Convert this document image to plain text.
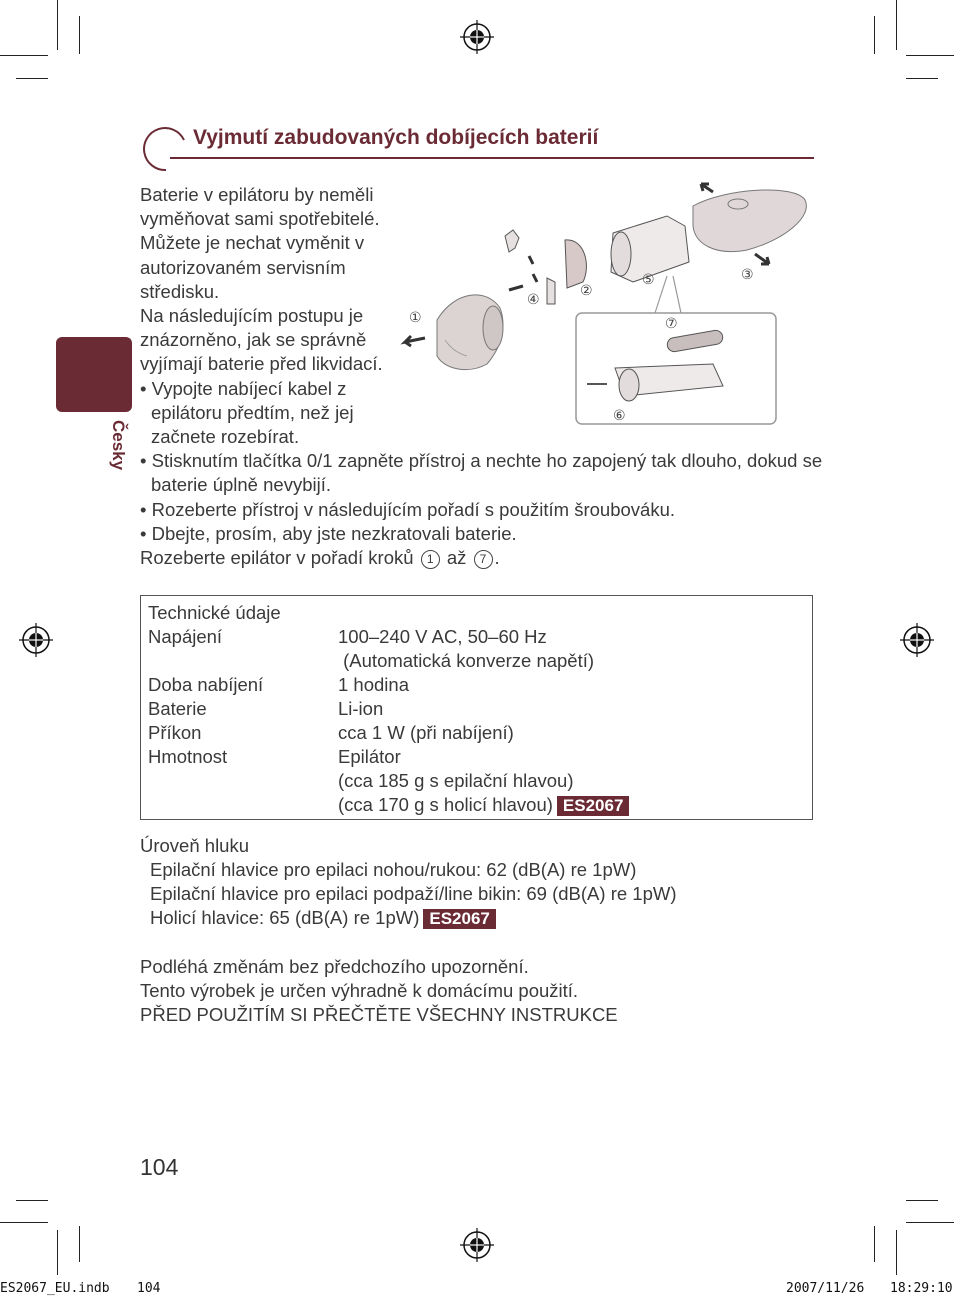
Vyjmutí zabudovaných dobíjecích baterií
Česky
Baterie v epilátoru by neměli
vyměňovat sami spotřebitelé.
Můžete je nechat vyměnit v
autorizovaném servisním
středisku.
Na následujícím postupu je
znázorněno, jak se správně
vyjímají baterie před likvidací.
• Vypojte nabíjecí kabel z
epilátoru předtím, než jej
začnete rozebírat.
• Stisknutím tlačítka 0/1 zapněte přístroj a nechte ho zapojený tak dlouho, dokud se
baterie úplně nevybijí.
• Rozeberte přístroj v následujícím pořadí s použitím šroubováku.
• Dbejte, prosím, aby jste nezkratovali baterie.
Rozeberte epilátor v pořadí kroků 1 až 7 .
①
②
③
④
⑤
⑥
⑦
Technické údaje
Napájení	100–240 V AC, 50–60 Hz
(Automatická konverze napětí)
Doba nabíjení	1 hodina
Baterie	Li-ion
Příkon	cca 1 W (při nabíjení)
Hmotnost	Epilátor
(cca 185 g s epilační hlavou)
(cca 170 g s holicí hlavou) ES2067
Úroveň hluku
Epilační hlavice pro epilaci nohou/rukou: 62 (dB(A) re 1pW)
Epilační hlavice pro epilaci podpaží/line bikin: 69 (dB(A) re 1pW)
Holicí hlavice: 65 (dB(A) re 1pW) ES2067
Podléhá změnám bez předchozího upozornění.
Tento výrobek je určen výhradně k domácímu použití.
PŘED POUŽITÍM SI PŘEČTĚTE VŠECHNY INSTRUKCE
104
ES2067_EU.indb 104	2007/11/26 18:29:10
